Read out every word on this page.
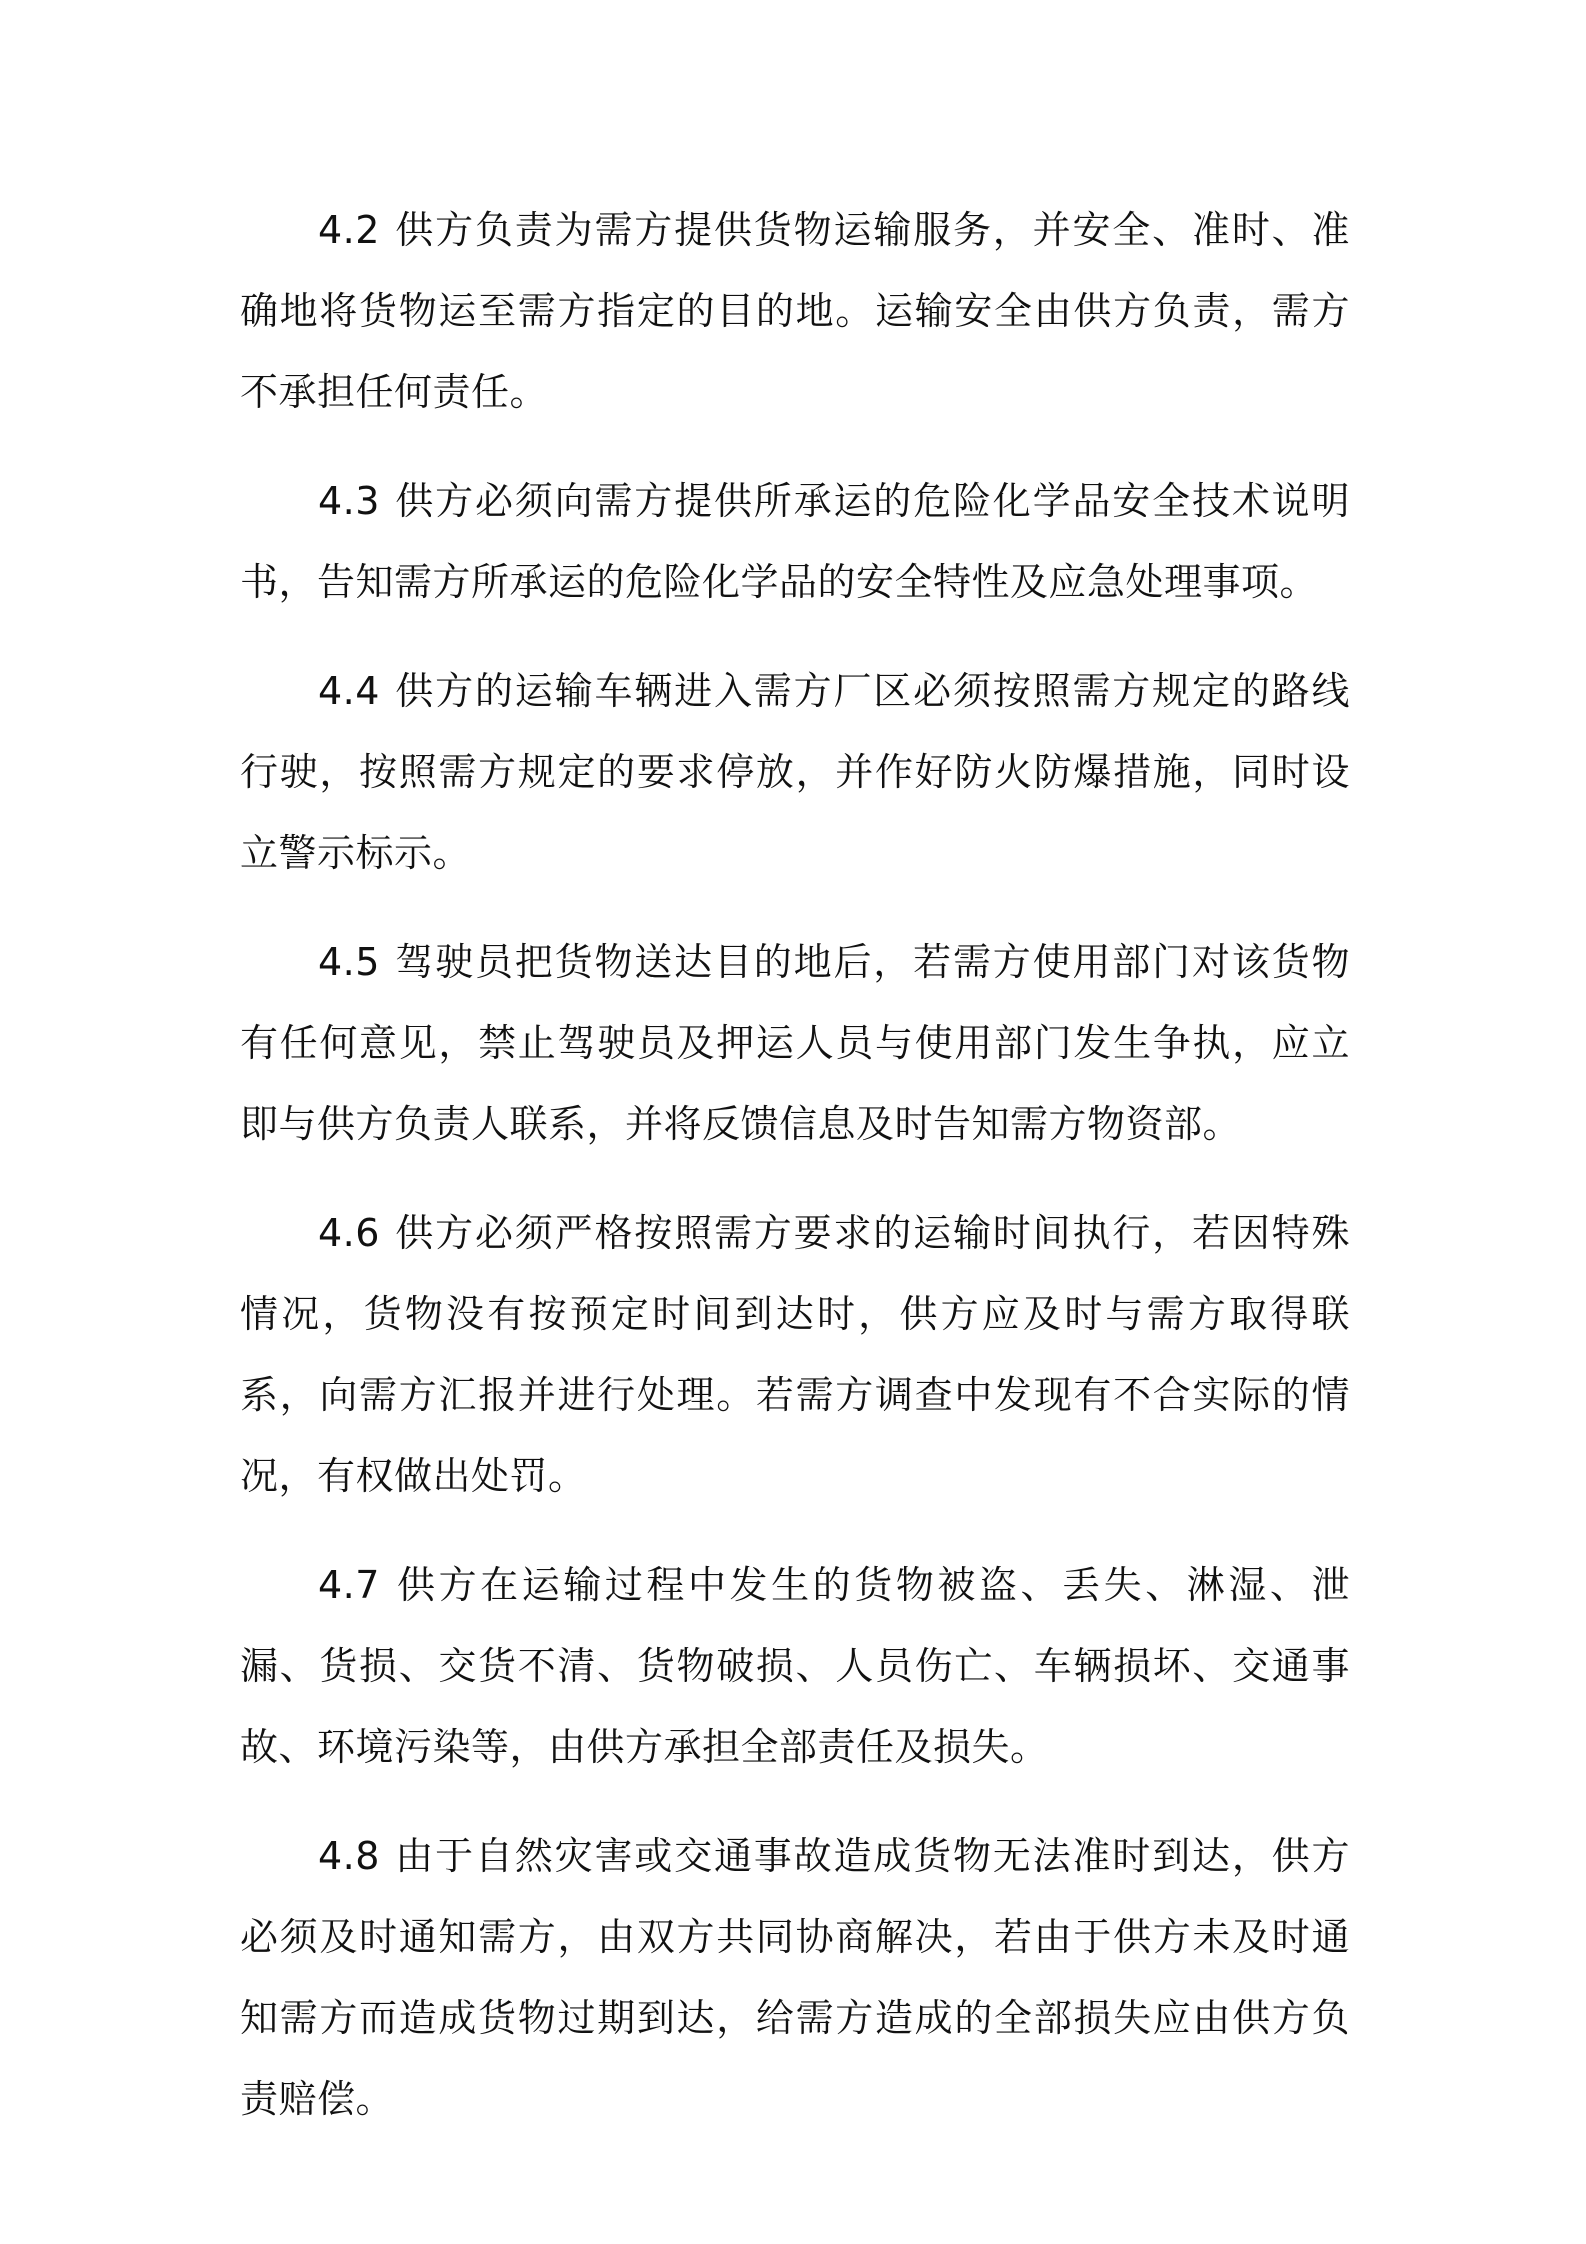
4.2 供方负责为需方提供货物运输服务，并安全、准时、准确地将货物运至需方指定的目的地。运输安全由供方负责，需方不承担任何责任。

4.3 供方必须向需方提供所承运的危险化学品安全技术说明书，告知需方所承运的危险化学品的安全特性及应急处理事项。

4.4 供方的运输车辆进入需方厂区必须按照需方规定的路线行驶，按照需方规定的要求停放，并作好防火防爆措施，同时设立警示标示。

4.5 驾驶员把货物送达目的地后，若需方使用部门对该货物有任何意见，禁止驾驶员及押运人员与使用部门发生争执，应立即与供方负责人联系，并将反馈信息及时告知需方物资部。

4.6 供方必须严格按照需方要求的运输时间执行，若因特殊情况，货物没有按预定时间到达时，供方应及时与需方取得联系，向需方汇报并进行处理。若需方调查中发现有不合实际的情况，有权做出处罚。

4.7 供方在运输过程中发生的货物被盗、丢失、淋湿、泄漏、货损、交货不清、货物破损、人员伤亡、车辆损坏、交通事故、环境污染等，由供方承担全部责任及损失。

4.8 由于自然灾害或交通事故造成货物无法准时到达，供方必须及时通知需方，由双方共同协商解决，若由于供方未及时通知需方而造成货物过期到达，给需方造成的全部损失应由供方负责赔偿。
